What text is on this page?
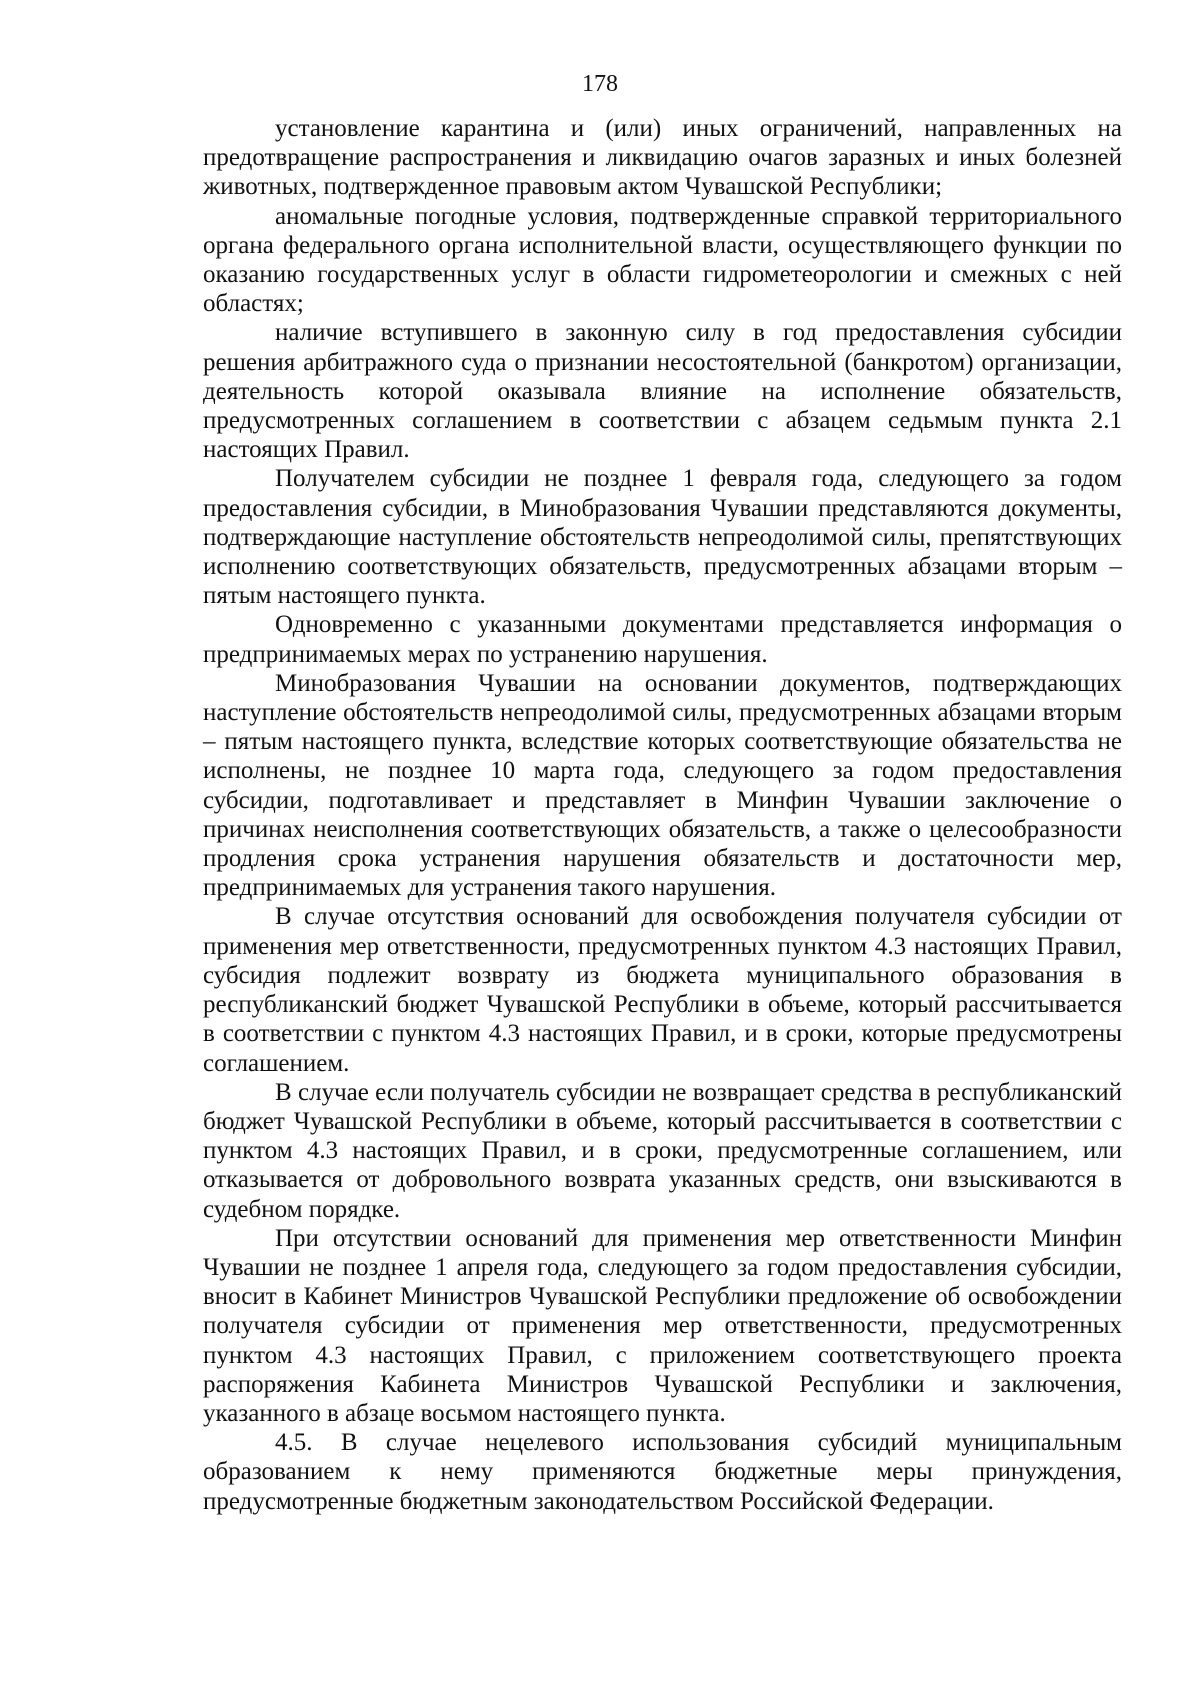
178

установление карантина и (или) иных ограничений, направленных на предотвращение распространения и ликвидацию очагов заразных и иных болезней животных, подтвержденное правовым актом Чувашской Республики;

аномальные погодные условия, подтвержденные справкой территориального органа федерального органа исполнительной власти, осуществляющего функции по оказанию государственных услуг в области гидрометеорологии и смежных с ней областях;

наличие вступившего в законную силу в год предоставления субсидии решения арбитражного суда о признании несостоятельной (банкротом) организации, деятельность которой оказывала влияние на исполнение обязательств, предусмотренных соглашением в соответствии с абзацем седьмым пункта 2.1 настоящих Правил.

Получателем субсидии не позднее 1 февраля года, следующего за годом предоставления субсидии, в Минобразования Чувашии представляются документы, подтверждающие наступление обстоятельств непреодолимой силы, препятствующих исполнению соответствующих обязательств, предусмотренных абзацами вторым – пятым настоящего пункта.

Одновременно с указанными документами представляется информация о предпринимаемых мерах по устранению нарушения.

Минобразования Чувашии на основании документов, подтверждающих наступление обстоятельств непреодолимой силы, предусмотренных абзацами вторым – пятым настоящего пункта, вследствие которых соответствующие обязательства не исполнены, не позднее 10 марта года, следующего за годом предоставления субсидии, подготавливает и представляет в Минфин Чувашии заключение о причинах неисполнения соответствующих обязательств, а также о целесообразности продления срока устранения нарушения обязательств и достаточности мер, предпринимаемых для устранения такого нарушения.

В случае отсутствия оснований для освобождения получателя субсидии от применения мер ответственности, предусмотренных пунктом 4.3 настоящих Правил, субсидия подлежит возврату из бюджета муниципального образования в республиканский бюджет Чувашской Республики в объеме, который рассчитывается в соответствии с пунктом 4.3 настоящих Правил, и в сроки, которые предусмотрены соглашением.

В случае если получатель субсидии не возвращает средства в республиканский бюджет Чувашской Республики в объеме, который рассчитывается в соответствии с пунктом 4.3 настоящих Правил, и в сроки, предусмотренные соглашением, или отказывается от добровольного возврата указанных средств, они взыскиваются в судебном порядке.

При отсутствии оснований для применения мер ответственности Минфин Чувашии не позднее 1 апреля года, следующего за годом предоставления субсидии, вносит в Кабинет Министров Чувашской Республики предложение об освобождении получателя субсидии от применения мер ответственности, предусмотренных пунктом 4.3 настоящих Правил, с приложением соответствующего проекта распоряжения Кабинета Министров Чувашской Республики и заключения, указанного в абзаце восьмом настоящего пункта.

4.5. В случае нецелевого использования субсидий муниципальным образованием к нему применяются бюджетные меры принуждения, предусмотренные бюджетным законодательством Российской Федерации.
